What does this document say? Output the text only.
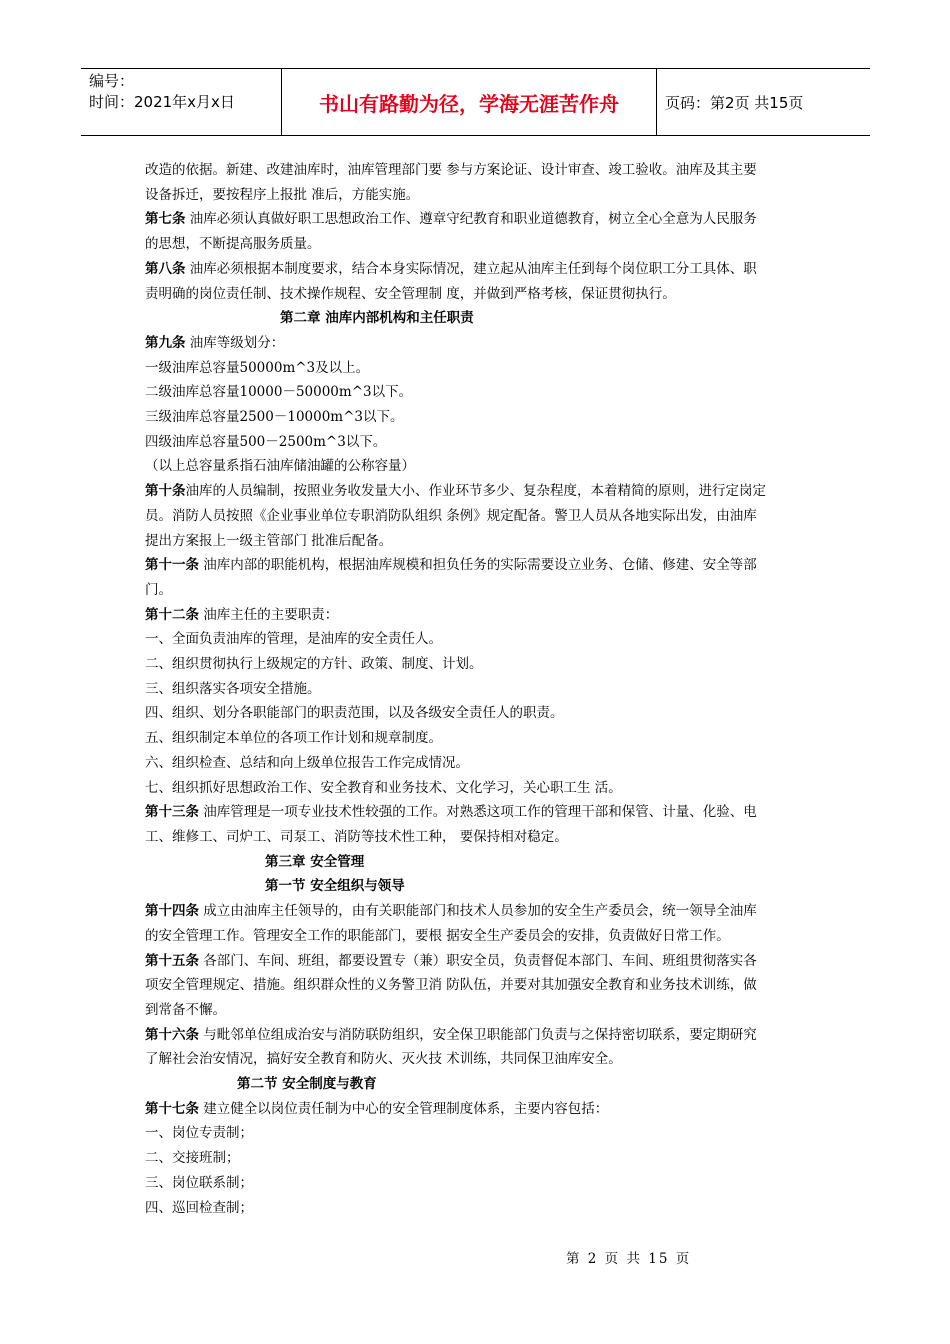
编号：
时间：2021年x月x日	书山有路勤为径，学海无涯苦作舟	页码：第2页 共15页

改造的依据。新建、改建油库时，油库管理部门要 参与方案论证、设计审查、竣工验收。油库及其主要

设备拆迁，要按程序上报批 准后，方能实施。

第七条 油库必须认真做好职工思想政治工作、遵章守纪教育和职业道德教育，树立全心全意为人民服务

的思想，不断提高服务质量。

第八条 油库必须根据本制度要求，结合本身实际情况，建立起从油库主任到每个岗位职工分工具体、职

责明确的岗位责任制、技术操作规程、安全管理制 度，并做到严格考核，保证贯彻执行。

第二章 油库内部机构和主任职责

第九条 油库等级划分：

一级油库总容量50000m^3及以上。

二级油库总容量10000－50000m^3以下。

三级油库总容量2500－10000m^3以下。

四级油库总容量500－2500m^3以下。

（以上总容量系指石油库储油罐的公称容量）

第十条油库的人员编制，按照业务收发量大小、作业环节多少、复杂程度，本着精简的原则，进行定岗定

员。消防人员按照《企业事业单位专职消防队组织 条例》规定配备。警卫人员从各地实际出发，由油库

提出方案报上一级主管部门 批准后配备。

第十一条 油库内部的职能机构，根据油库规模和担负任务的实际需要设立业务、仓储、修建、安全等部

门。

第十二条 油库主任的主要职责：

一、全面负责油库的管理，是油库的安全责任人。

二、组织贯彻执行上级规定的方针、政策、制度、计划。

三、组织落实各项安全措施。

四、组织、划分各职能部门的职责范围，以及各级安全责任人的职责。

五、组织制定本单位的各项工作计划和规章制度。

六、组织检查、总结和向上级单位报告工作完成情况。

七、组织抓好思想政治工作、安全教育和业务技术、文化学习，关心职工生 活。

第十三条 油库管理是一项专业技术性较强的工作。对熟悉这项工作的管理干部和保管、计量、化验、电

工、维修工、司炉工、司泵工、消防等技术性工种， 要保持相对稳定。

第三章 安全管理

第一节 安全组织与领导

第十四条 成立由油库主任领导的，由有关职能部门和技术人员参加的安全生产委员会，统一领导全油库

的安全管理工作。管理安全工作的职能部门，要根 据安全生产委员会的安排，负责做好日常工作。

第十五条 各部门、车间、班组，都要设置专（兼）职安全员，负责督促本部门、车间、班组贯彻落实各

项安全管理规定、措施。组织群众性的义务警卫消 防队伍，并要对其加强安全教育和业务技术训练，做

到常备不懈。

第十六条 与毗邻单位组成治安与消防联防组织，安全保卫职能部门负责与之保持密切联系，要定期研究

了解社会治安情况，搞好安全教育和防火、灭火技 术训练，共同保卫油库安全。

第二节 安全制度与教育

第十七条 建立健全以岗位责任制为中心的安全管理制度体系，主要内容包括：

一、岗位专责制；

二、交接班制；

三、岗位联系制；

四、巡回检查制；

第 2 页 共 15 页
